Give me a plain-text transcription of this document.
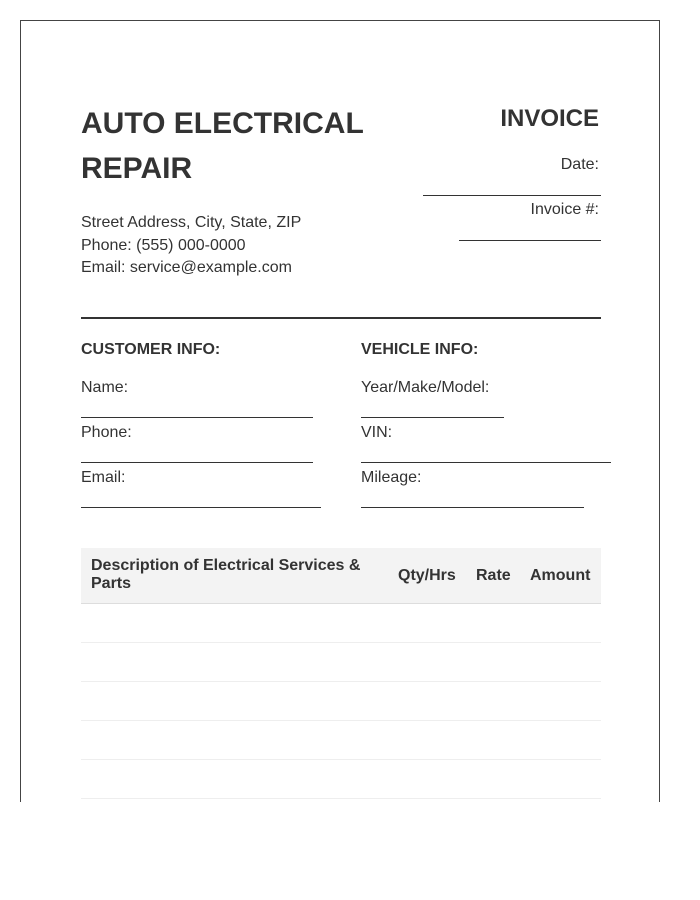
AUTO ELECTRICAL REPAIR
Street Address, City, State, ZIP
Phone: (555) 000-0000
Email: service@example.com
INVOICE
Date:
Invoice #:
CUSTOMER INFO:
Name:
Phone:
Email:
VEHICLE INFO:
Year/Make/Model:
VIN:
Mileage:
Description of Electrical Services & Parts	Qty/Hrs Rate Amount
